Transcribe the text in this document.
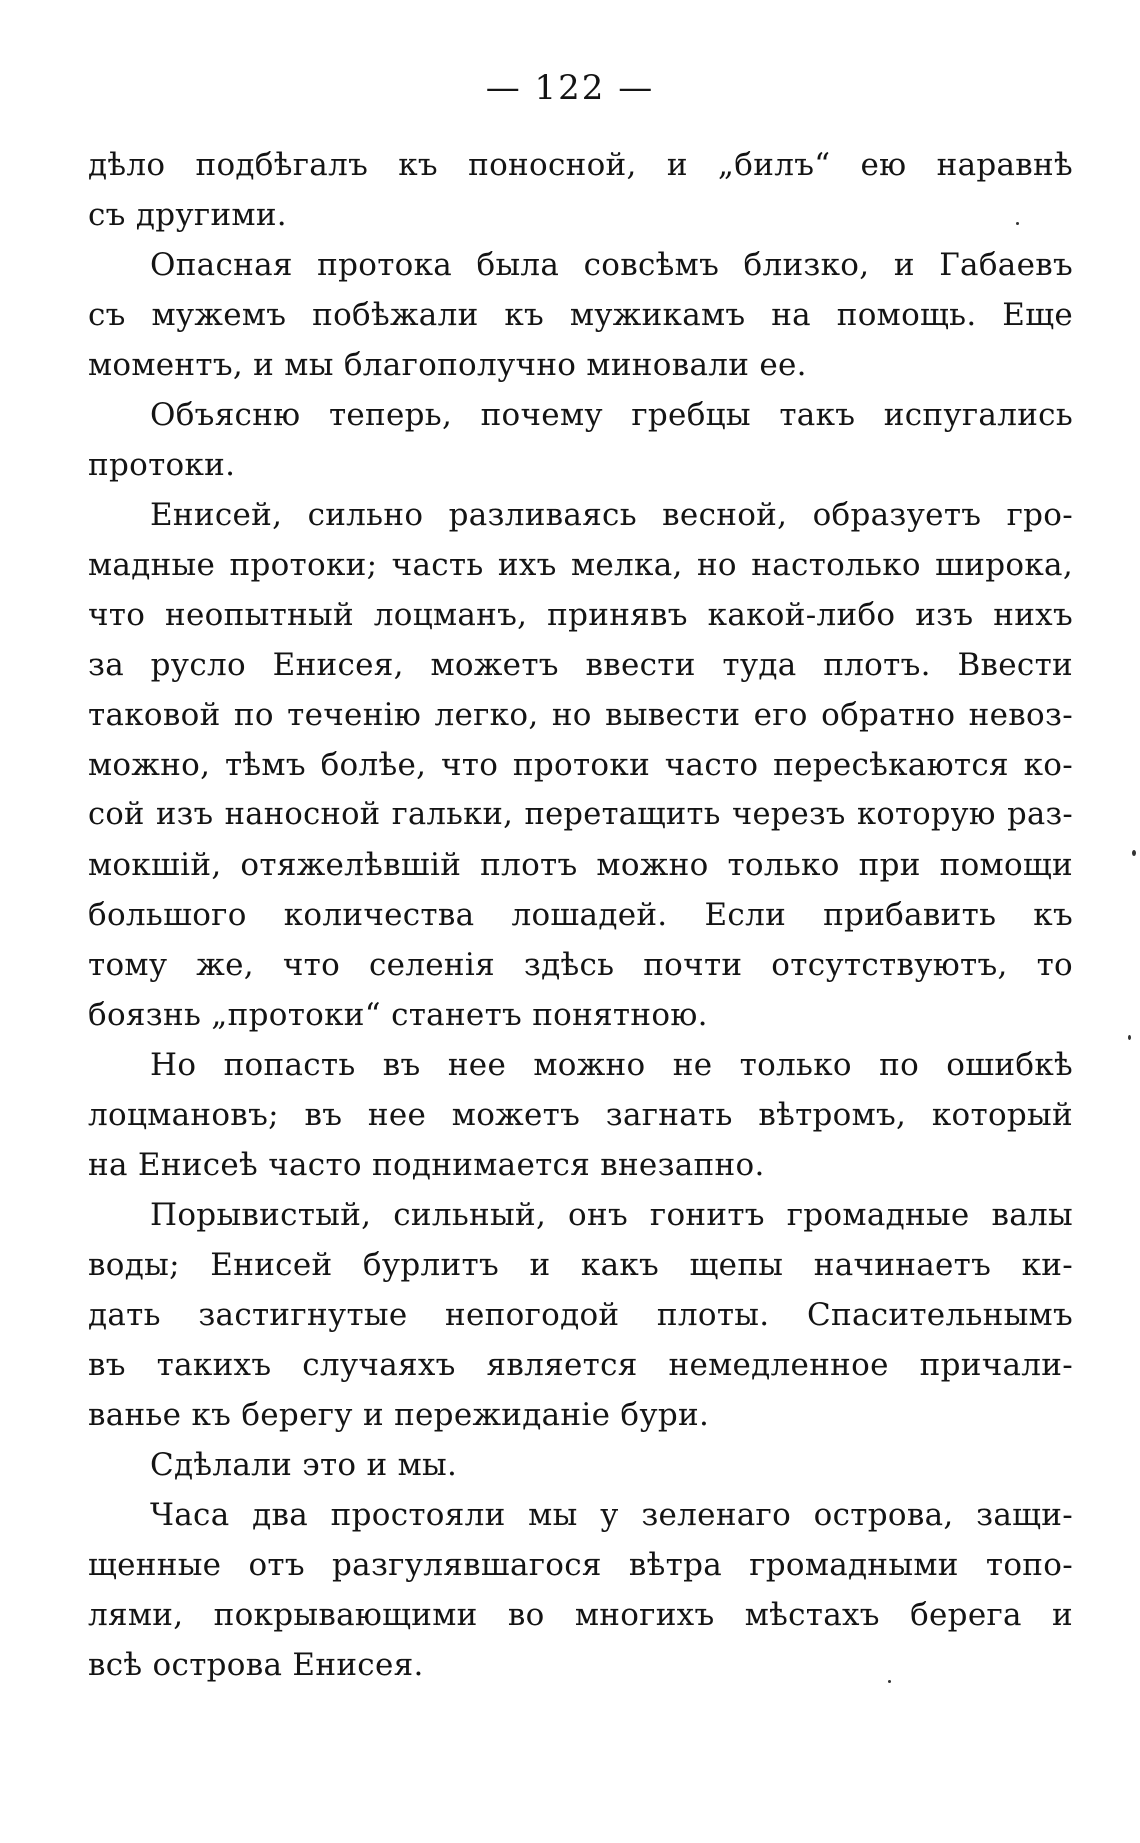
— 122 —
дѣло подбѣгалъ къ поносной, и „билъ“ ею наравнѣ
съ другими.
Опасная протока была совсѣмъ близко, и Габаевъ
съ мужемъ побѣжали къ мужикамъ на помощь. Еще
моментъ, и мы благополучно миновали ее.
Объясню теперь, почему гребцы такъ испугались
протоки.
Енисей, сильно разливаясь весной, образуетъ гро-
мадные протоки; часть ихъ мелка, но настолько широка,
что неопытный лоцманъ, принявъ какой-либо изъ нихъ
за русло Енисея, можетъ ввести туда плотъ. Ввести
таковой по теченію легко, но вывести его обратно невоз-
можно, тѣмъ болѣе, что протоки часто пересѣкаются ко-
сой изъ наносной гальки, перетащить черезъ которую раз-
мокшій, отяжелѣвшій плотъ можно только при помощи
большого количества лошадей. Если прибавить къ
тому же, что селенія здѣсь почти отсутствуютъ, то
боязнь „протоки“ станетъ понятною.
Но попасть въ нее можно не только по ошибкѣ
лоцмановъ; въ нее можетъ загнать вѣтромъ, который
на Енисеѣ часто поднимается внезапно.
Порывистый, сильный, онъ гонитъ громадные валы
воды; Енисей бурлитъ и какъ щепы начинаетъ ки-
дать застигнутые непогодой плоты. Спасительнымъ
въ такихъ случаяхъ является немедленное причали-
ванье къ берегу и пережиданіе бури.
Сдѣлали это и мы.
Часа два простояли мы у зеленаго острова, защи-
щенные отъ разгулявшагося вѣтра громадными топо-
лями, покрывающими во многихъ мѣстахъ берега и
всѣ острова Енисея.
